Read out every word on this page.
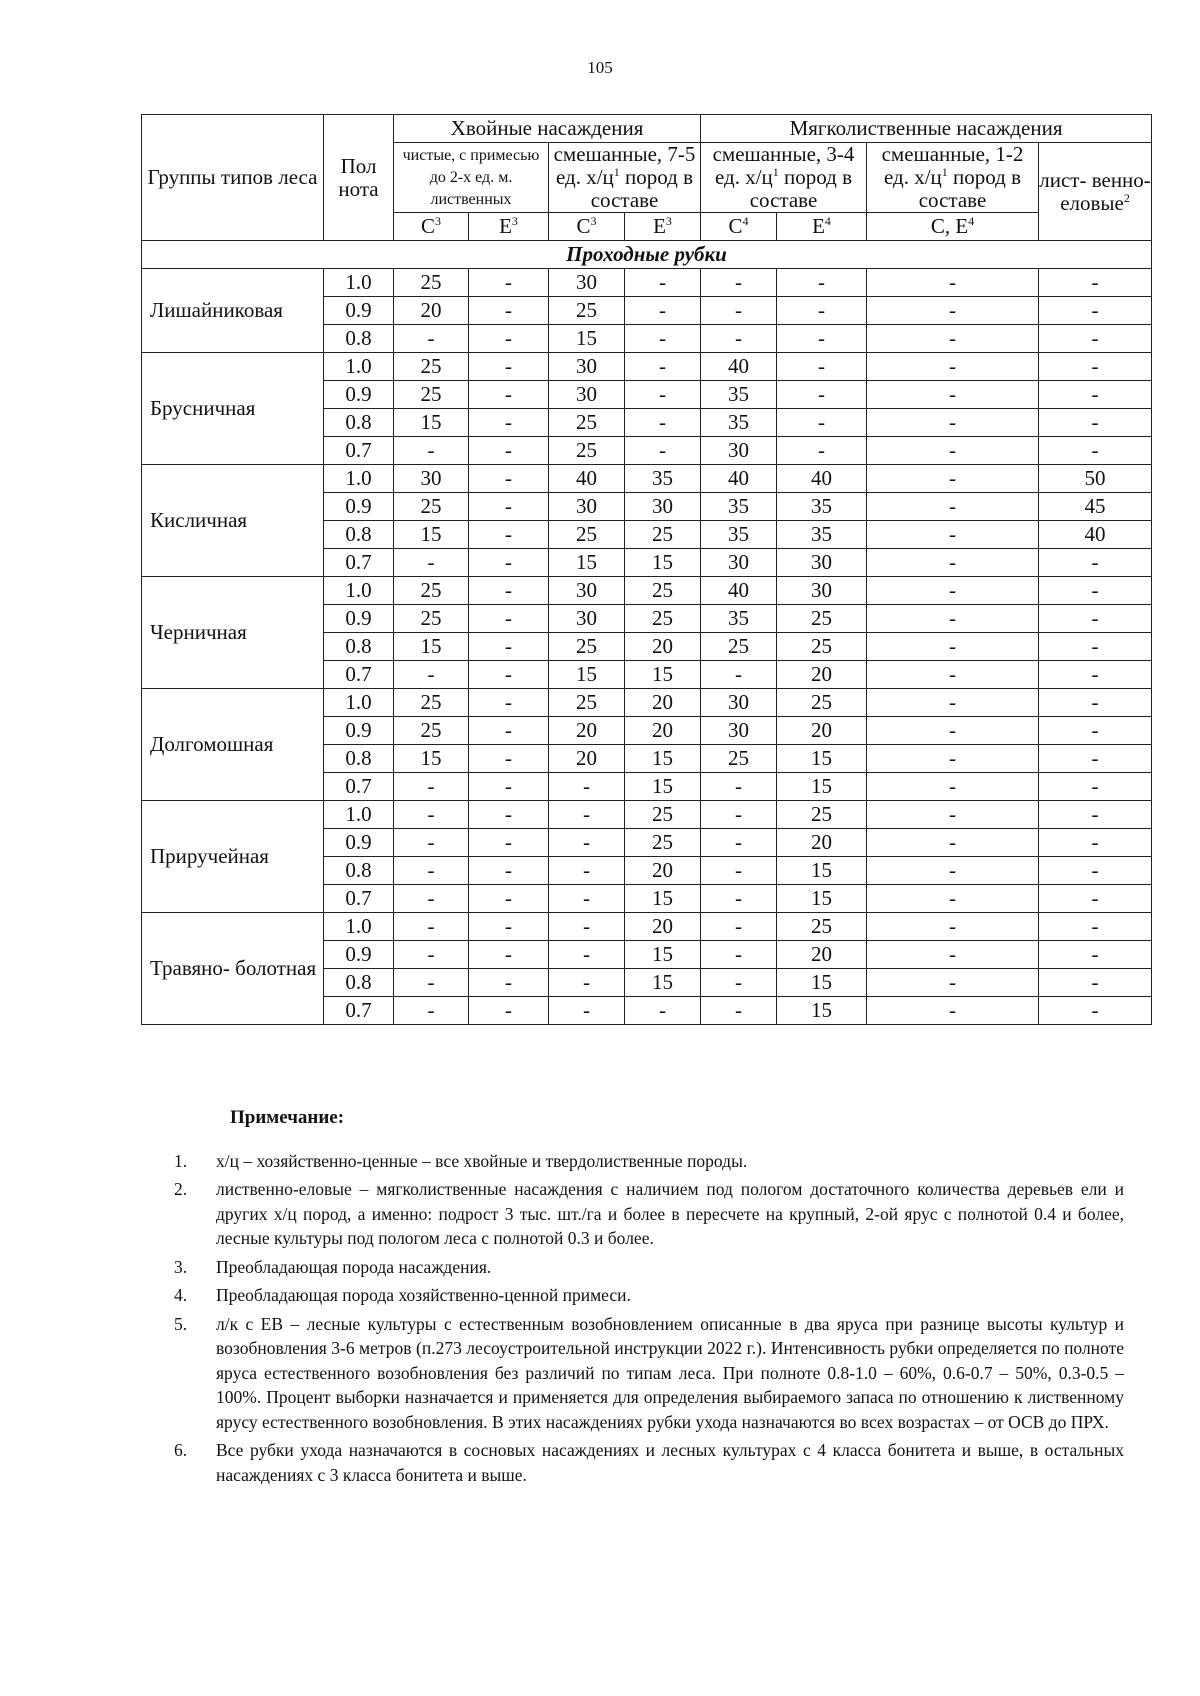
105
Группы типов леса	Пол нота	Хвойные насаждения				Мягколиственные насаждения			
		чистые, с примесью до 2-х ед. м. лиственных		смешанные, 7-5 ед. $х/ц^1$ пород в составе		смешанные, 3-4 ед. $х/ц^1$ пород в составе		смешанные, 1-2 ед. $х/ц^1$ пород в составе	лист- венно- еловые$^2$
		$С^3$	$Е^3$	$С^3$	$Е^3$	$С^4$	$Е^4$	С, $Е^4$
Проходные рубки									
Лишайниковая	1.0	25	-	30	-	-	-	-	-
	0.9	20	-	25	-	-	-	-	-
	0.8	-	-	15	-	-	-	-	-
Брусничная	1.0	25	-	30	-	40	-	-	-
	0.9	25	-	30	-	35	-	-	-
	0.8	15	-	25	-	35	-	-	-
	0.7	-	-	25	-	30	-	-	-
Кисличная	1.0	30	-	40	35	40	40	-	50
	0.9	25	-	30	30	35	35	-	45
	0.8	15	-	25	25	35	35	-	40
	0.7	-	-	15	15	30	30	-	-
Черничная	1.0	25	-	30	25	40	30	-	-
	0.9	25	-	30	25	35	25	-	-
	0.8	15	-	25	20	25	25	-	-
	0.7	-	-	15	15	-	20	-	-
Долгомошная	1.0	25	-	25	20	30	25	-	-
	0.9	25	-	20	20	30	20	-	-
	0.8	15	-	20	15	25	15	-	-
	0.7	-	-	-	15	-	15	-	-
Приручейная	1.0	-	-	-	25	-	25	-	-
	0.9	-	-	-	25	-	20	-	-
	0.8	-	-	-	20	-	15	-	-
	0.7	-	-	-	15	-	15	-	-
Травяно- болотная	1.0	-	-	-	20	-	25	-	-
	0.9	-	-	-	15	-	20	-	-
	0.8	-	-	-	15	-	15	-	-
	0.7	-	-	-	-	-	15	-	-
Примечание:
1.	х/ц – хозяйственно-ценные – все хвойные и твердолиственные породы.
2.	лиственно-еловые – мягколиственные насаждения с наличием под пологом достаточного количества деревьев ели и других х/ц пород, а именно: подрост 3 тыс. шт./га и более в пересчете на крупный, 2-ой ярус с полнотой 0.4 и более, лесные культуры под пологом леса с полнотой 0.3 и более.
3.	Преобладающая порода насаждения.
4.	Преобладающая порода хозяйственно-ценной примеси.
5.	л/к с ЕВ – лесные культуры с естественным возобновлением описанные в два яруса при разнице высоты культур и возобновления 3-6 метров (п.273 лесоустроительной инструкции 2022 г.). Интенсивность рубки определяется по полноте яруса естественного возобновления без различий по типам леса. При полноте 0.8-1.0 – 60%, 0.6-0.7 – 50%, 0.3-0.5 – 100%. Процент выборки назначается и применяется для определения выбираемого запаса по отношению к лиственному ярусу естественного возобновления. В этих насаждениях рубки ухода назначаются во всех возрастах – от ОСВ до ПРХ.
6.	Все рубки ухода назначаются в сосновых насаждениях и лесных культурах с 4 класса бонитета и выше, в остальных насаждениях с 3 класса бонитета и выше.
